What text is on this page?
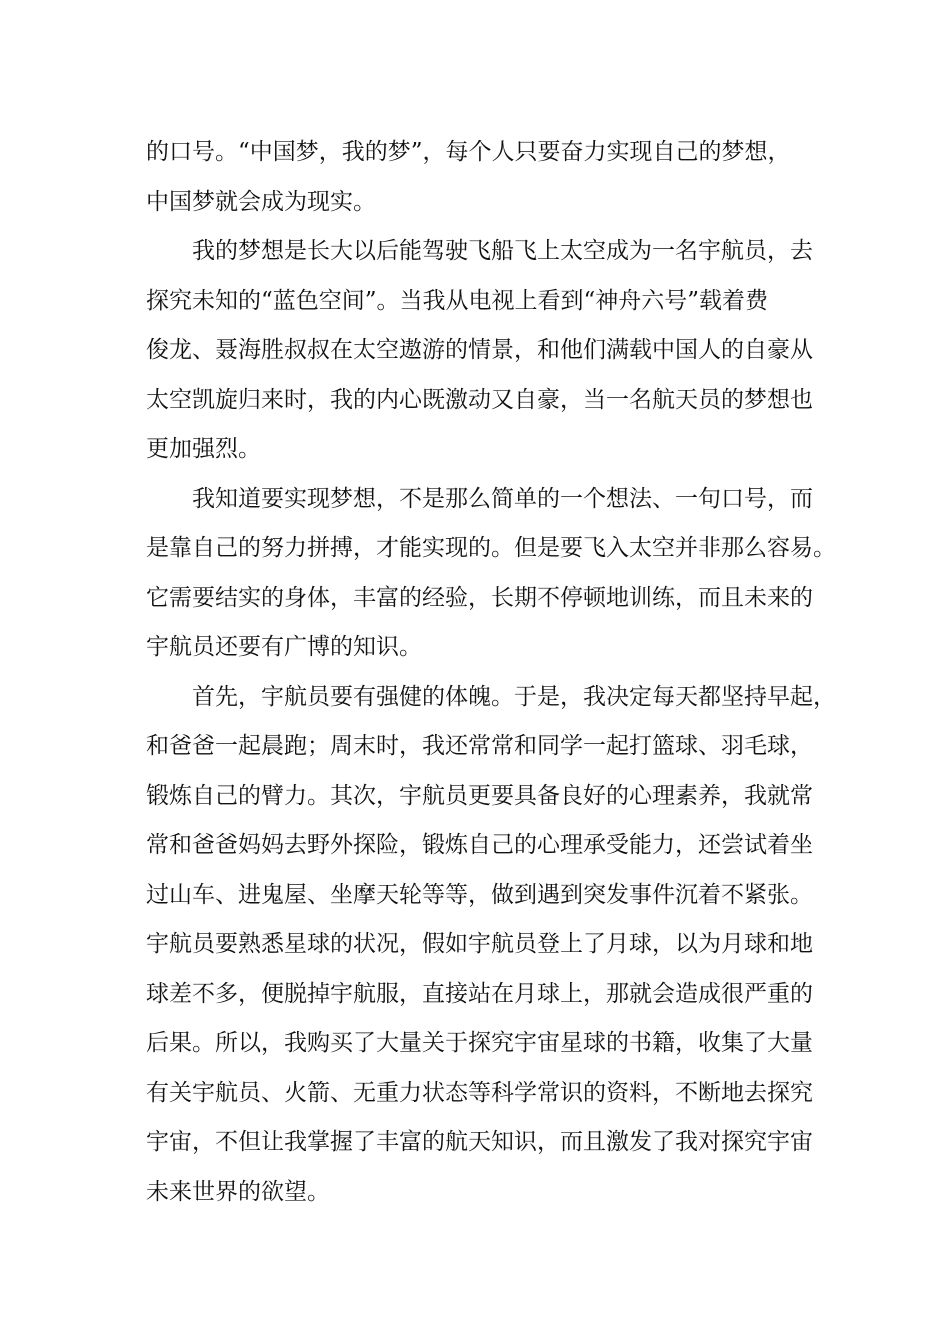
的口号。“中国梦，我的梦”，每个人只要奋力实现自己的梦想，
中国梦就会成为现实。
我的梦想是长大以后能驾驶飞船飞上太空成为一名宇航员，去
探究未知的“蓝色空间”。当我从电视上看到“神舟六号”载着费
俊龙、聂海胜叔叔在太空遨游的情景，和他们满载中国人的自豪从
太空凯旋归来时，我的内心既激动又自豪，当一名航天员的梦想也
更加强烈。
我知道要实现梦想，不是那么简单的一个想法、一句口号，而
是靠自己的努力拼搏，才能实现的。但是要飞入太空并非那么容易。
它需要结实的身体，丰富的经验，长期不停顿地训练，而且未来的
宇航员还要有广博的知识。
首先，宇航员要有强健的体魄。于是，我决定每天都坚持早起，
和爸爸一起晨跑；周末时，我还常常和同学一起打篮球、羽毛球，
锻炼自己的臂力。其次，宇航员更要具备良好的心理素养，我就常
常和爸爸妈妈去野外探险，锻炼自己的心理承受能力，还尝试着坐
过山车、进鬼屋、坐摩天轮等等，做到遇到突发事件沉着不紧张。
宇航员要熟悉星球的状况，假如宇航员登上了月球，以为月球和地
球差不多，便脱掉宇航服，直接站在月球上，那就会造成很严重的
后果。所以，我购买了大量关于探究宇宙星球的书籍，收集了大量
有关宇航员、火箭、无重力状态等科学常识的资料，不断地去探究
宇宙，不但让我掌握了丰富的航天知识，而且激发了我对探究宇宙
未来世界的欲望。
